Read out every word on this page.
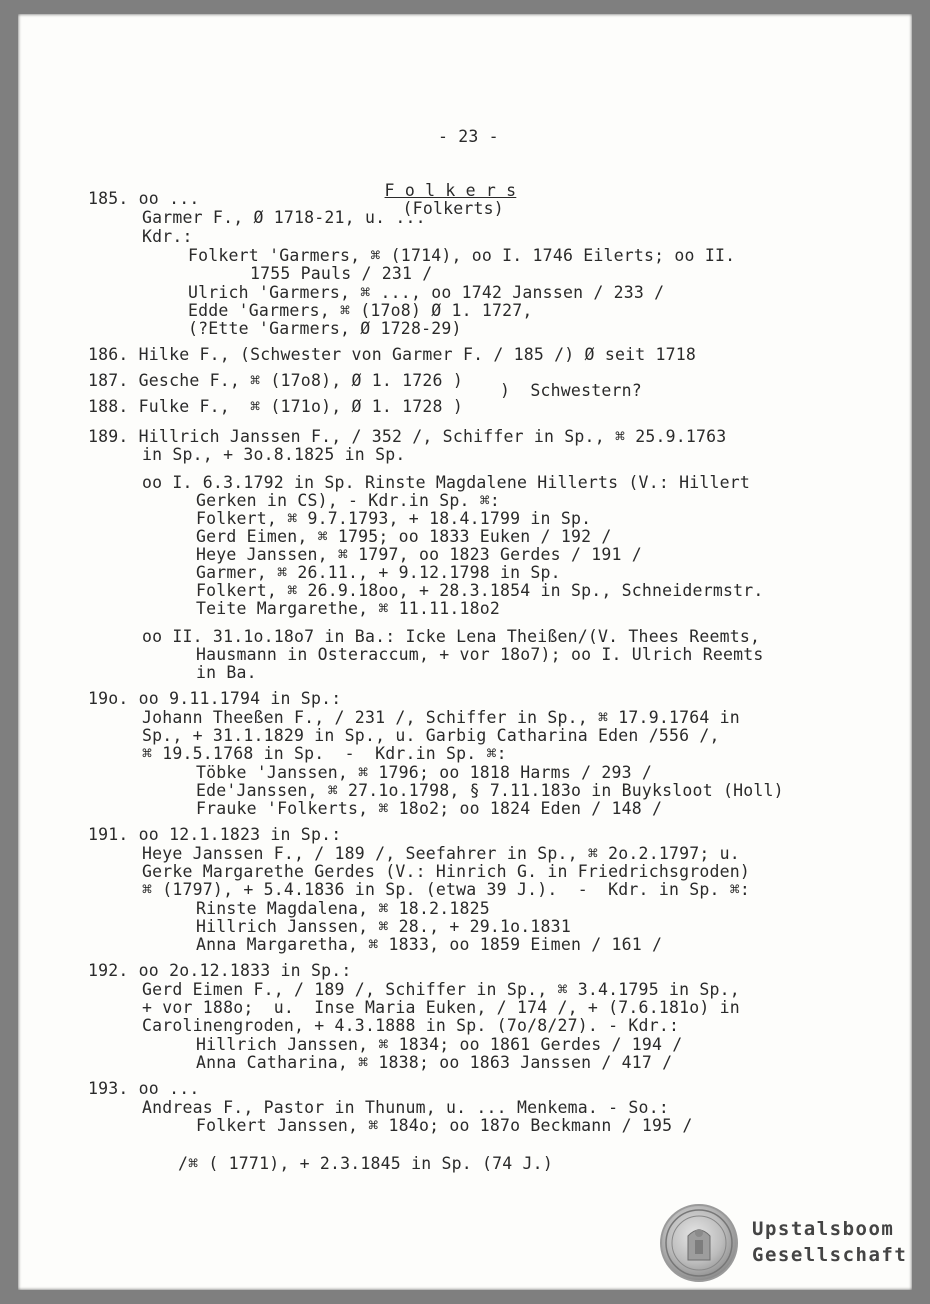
- 23 -

F o l k e r s
(Folkerts)

185. oo ...
Garmer F., Ø 1718-21, u. ...
Kdr.:
Folkert 'Garmers, ⌘ (1714), oo I. 1746 Eilerts; oo II.
1755 Pauls / 231 /
Ulrich 'Garmers, ⌘ ..., oo 1742 Janssen / 233 /
Edde 'Garmers, ⌘ (17o8) Ø 1. 1727,
(?Ette 'Garmers, Ø 1728-29)
186. Hilke F., (Schwester von Garmer F. / 185 /) Ø seit 1718
187. Gesche F., ⌘ (17o8), Ø 1. 1726 )
)  Schwestern?
188. Fulke F.,  ⌘ (171o), Ø 1. 1728 )
189. Hillrich Janssen F., / 352 /, Schiffer in Sp., ⌘ 25.9.1763
in Sp., + 3o.8.1825 in Sp.
oo I. 6.3.1792 in Sp. Rinste Magdalene Hillerts (V.: Hillert
Gerken in CS), - Kdr.in Sp. ⌘:
Folkert, ⌘ 9.7.1793, + 18.4.1799 in Sp.
Gerd Eimen, ⌘ 1795; oo 1833 Euken / 192 /
Heye Janssen, ⌘ 1797, oo 1823 Gerdes / 191 /
Garmer, ⌘ 26.11., + 9.12.1798 in Sp.
Folkert, ⌘ 26.9.18oo, + 28.3.1854 in Sp., Schneidermstr.
Teite Margarethe, ⌘ 11.11.18o2
oo II. 31.1o.18o7 in Ba.: Icke Lena Theißen/(V. Thees Reemts,
Hausmann in Osteraccum, + vor 18o7); oo I. Ulrich Reemts
in Ba.
19o. oo 9.11.1794 in Sp.:
Johann Theeßen F., / 231 /, Schiffer in Sp., ⌘ 17.9.1764 in
Sp., + 31.1.1829 in Sp., u. Garbig Catharina Eden /556 /,
⌘ 19.5.1768 in Sp.  -  Kdr.in Sp. ⌘:
Töbke 'Janssen, ⌘ 1796; oo 1818 Harms / 293 /
Ede'Janssen, ⌘ 27.1o.1798, § 7.11.183o in Buyksloot (Holl)
Frauke 'Folkerts, ⌘ 18o2; oo 1824 Eden / 148 /
191. oo 12.1.1823 in Sp.:
Heye Janssen F., / 189 /, Seefahrer in Sp., ⌘ 2o.2.1797; u.
Gerke Margarethe Gerdes (V.: Hinrich G. in Friedrichsgroden)
⌘ (1797), + 5.4.1836 in Sp. (etwa 39 J.).  -  Kdr. in Sp. ⌘:
Rinste Magdalena, ⌘ 18.2.1825
Hillrich Janssen, ⌘ 28., + 29.1o.1831
Anna Margaretha, ⌘ 1833, oo 1859 Eimen / 161 /
192. oo 2o.12.1833 in Sp.:
Gerd Eimen F., / 189 /, Schiffer in Sp., ⌘ 3.4.1795 in Sp.,
+ vor 188o;  u.  Inse Maria Euken, / 174 /, + (7.6.181o) in
Carolinengroden, + 4.3.1888 in Sp. (7o/8/27). - Kdr.:
Hillrich Janssen, ⌘ 1834; oo 1861 Gerdes / 194 /
Anna Catharina, ⌘ 1838; oo 1863 Janssen / 417 /
193. oo ...
Andreas F., Pastor in Thunum, u. ... Menkema. - So.:
Folkert Janssen, ⌘ 184o; oo 187o Beckmann / 195 /
/⌘ ( 1771), + 2.3.1845 in Sp. (74 J.)
Upstalsboom
Gesellschaft
